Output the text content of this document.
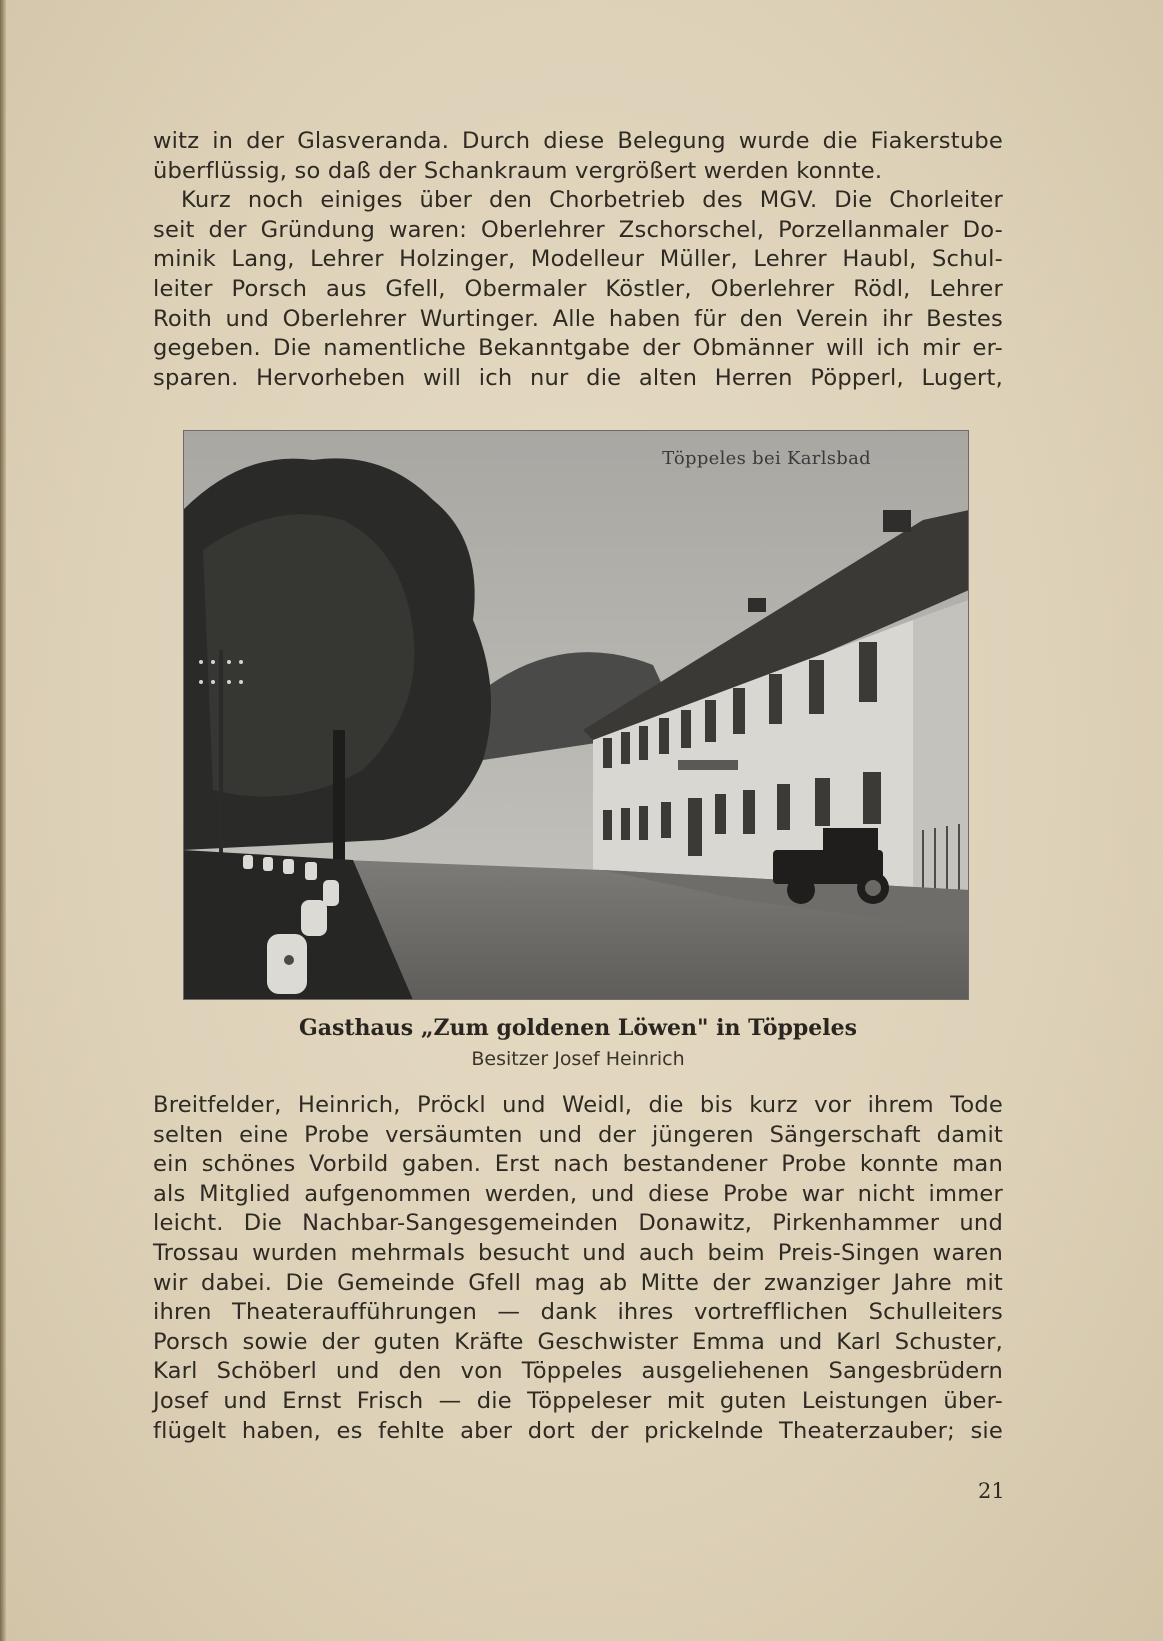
witz in der Glasveranda. Durch diese Belegung wurde die Fiakerstube

überflüssig, so daß der Schankraum vergrößert werden konnte.

Kurz noch einiges über den Chorbetrieb des MGV. Die Chorleiter

seit der Gründung waren: Oberlehrer Zschorschel, Porzellanmaler Do-

minik Lang, Lehrer Holzinger, Modelleur Müller, Lehrer Haubl, Schul-

leiter Porsch aus Gfell, Obermaler Köstler, Oberlehrer Rödl, Lehrer

Roith und Oberlehrer Wurtinger. Alle haben für den Verein ihr Bestes

gegeben. Die namentliche Bekanntgabe der Obmänner will ich mir er-

sparen. Hervorheben will ich nur die alten Herren Pöpperl, Lugert,

Töppeles bei Karlsbad
Gasthaus „Zum goldenen Löwen" in Töppeles
Besitzer Josef Heinrich

Breitfelder, Heinrich, Pröckl und Weidl, die bis kurz vor ihrem Tode

selten eine Probe versäumten und der jüngeren Sängerschaft damit

ein schönes Vorbild gaben. Erst nach bestandener Probe konnte man

als Mitglied aufgenommen werden, und diese Probe war nicht immer

leicht. Die Nachbar-Sangesgemeinden Donawitz, Pirkenhammer und

Trossau wurden mehrmals besucht und auch beim Preis-Singen waren

wir dabei. Die Gemeinde Gfell mag ab Mitte der zwanziger Jahre mit

ihren Theateraufführungen — dank ihres vortrefflichen Schulleiters

Porsch sowie der guten Kräfte Geschwister Emma und Karl Schuster,

Karl Schöberl und den von Töppeles ausgeliehenen Sangesbrüdern

Josef und Ernst Frisch — die Töppeleser mit guten Leistungen über-

flügelt haben, es fehlte aber dort der prickelnde Theaterzauber; sie

21
